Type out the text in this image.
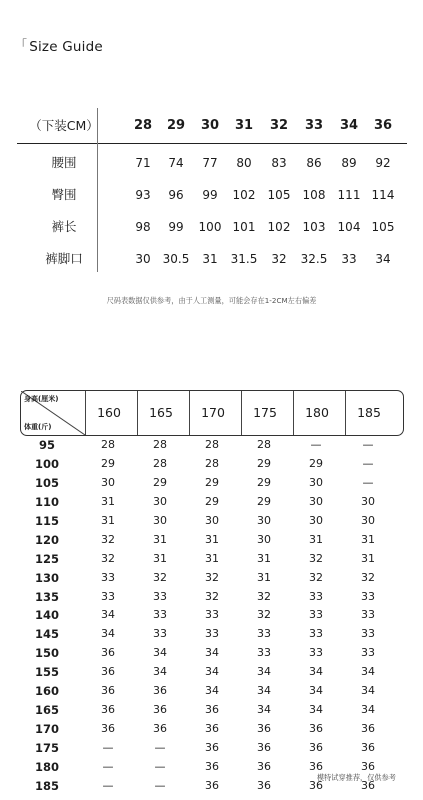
「 Size Guide
（下装CM）	28	29	30	31	32	33	34	36
腰围	71	74	77	80	83	86	89	92
臀围	93	96	99	102	105	108	111 114
裤长	98	99	100 101	102	103	104 105
裤脚口	30	30.5	31	31.5	32	32.5	33	34
尺码表数据仅供参考，由于人工测量，可能会存在1-2CM左右偏差
身高(厘米)
体重(斤)
160	165	170	175	180	185
95	28	28	28	28	—	—
100	29	28	28	29	29	—
105	30	29	29	29	30	—
110	31	30	29	29	30	30
115	31	30	30	30	30	30
120	32	31	31	30	31	31
125	32	31	31	31	32	31
130	33	32	32	31	32	32
135	33	33	32	32	33	33
140	34	33	33	32	33	33
145	34	33	33	33	33	33
150	36	34	34	33	33	33
155	36	34	34	34	34	34
160	36	36	34	34	34	34
165	36	36	36	34	34	34
170	36	36	36	36	36	36
175	—	—	36	36	36	36
180	—	—	36	36	36	36
185	—	—	36	36	36	36
模特试穿推荐，仅供参考
